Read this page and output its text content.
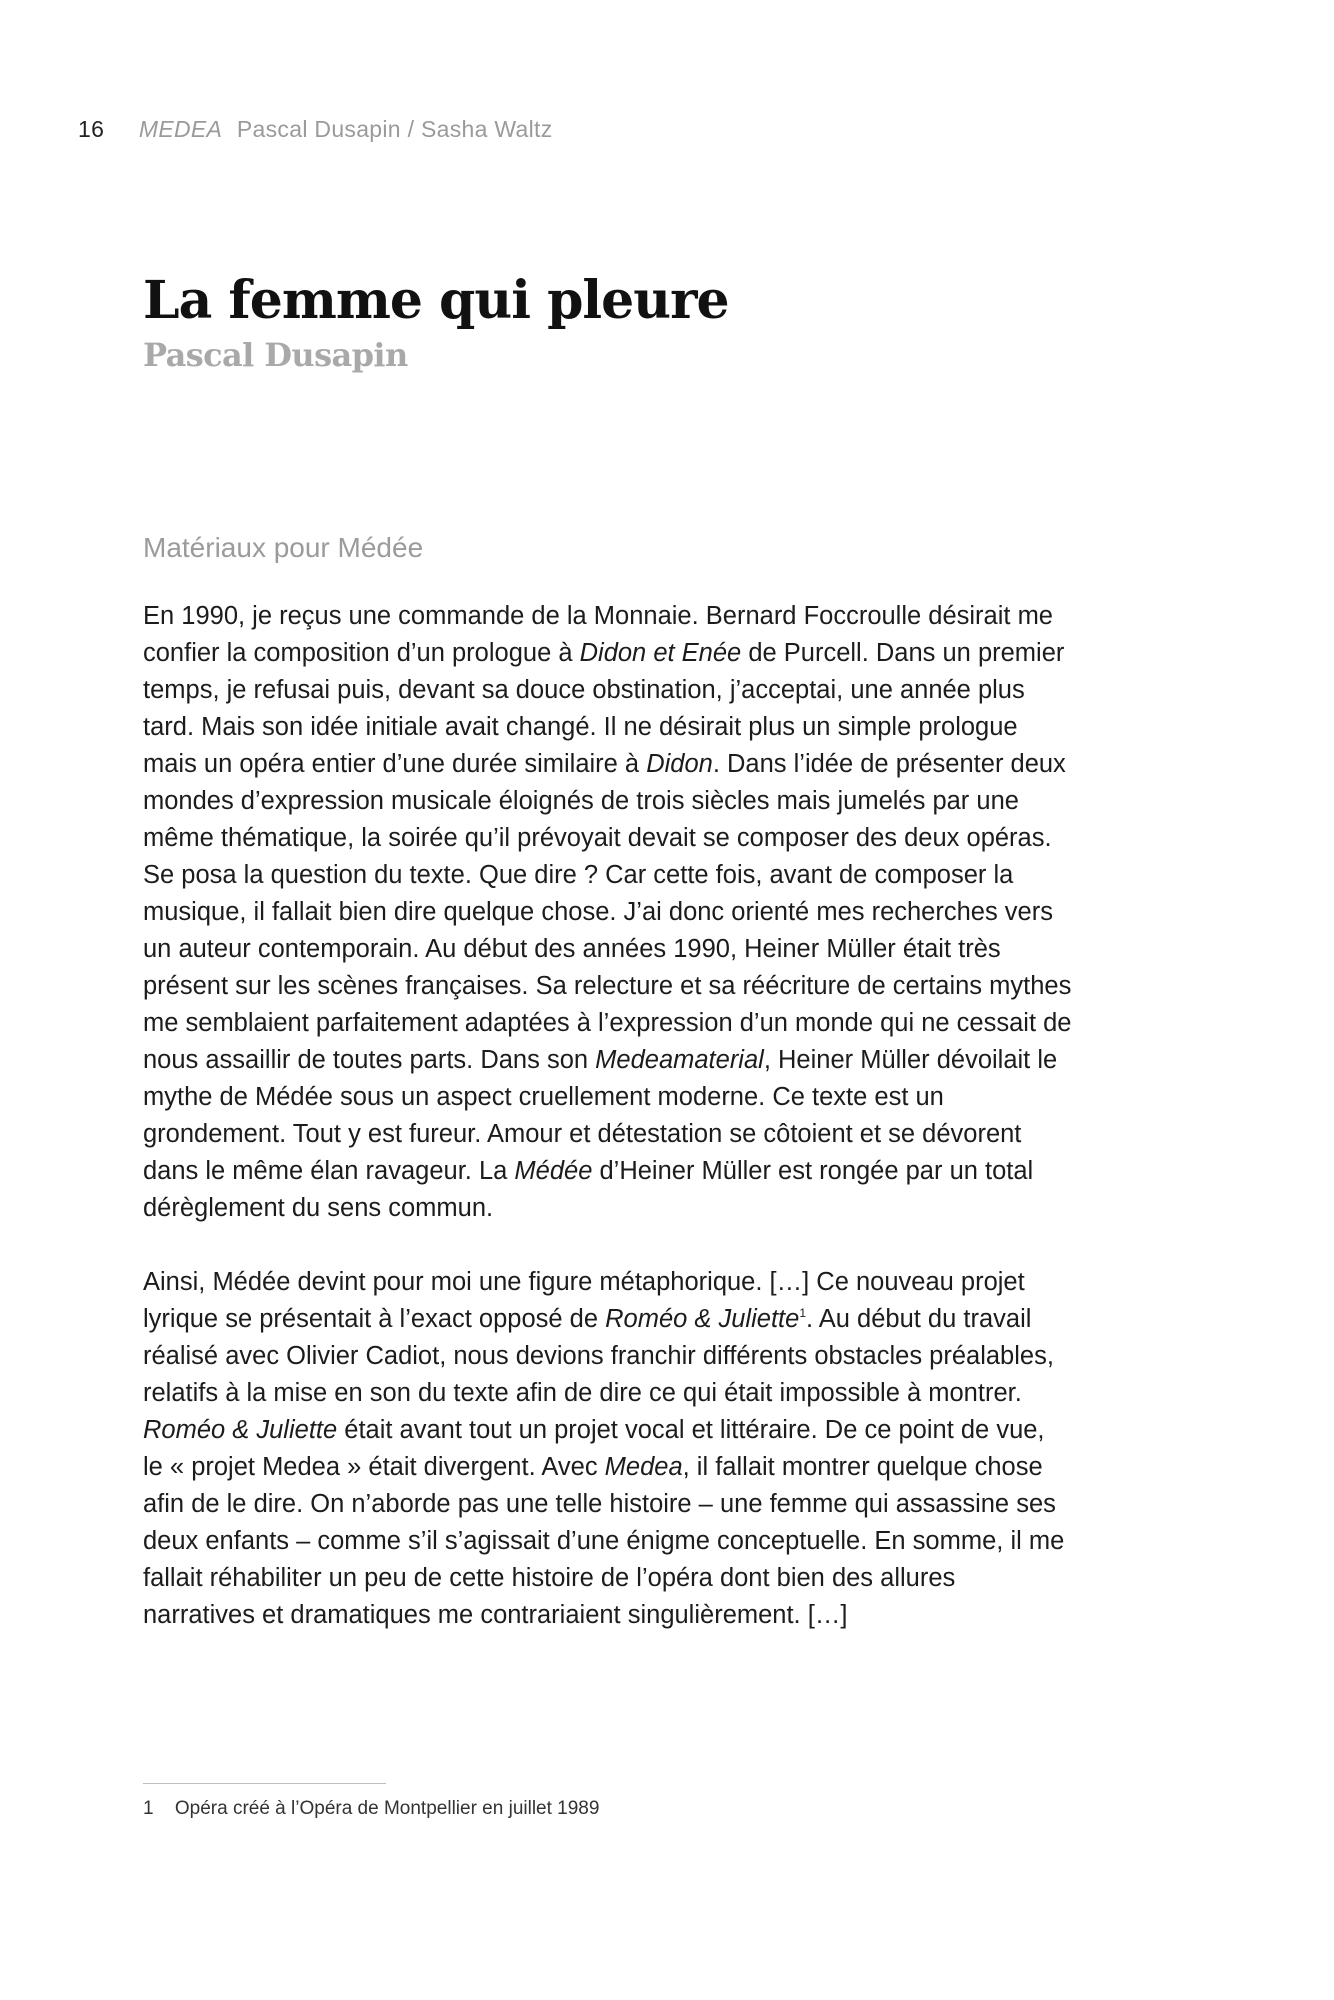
16 MEDEA Pascal Dusapin / Sasha Waltz
La femme qui pleure
Pascal Dusapin
Matériaux pour Médée
En 1990, je reçus une commande de la Monnaie. Bernard Foccroulle désirait me
confier la composition d’un prologue à Didon et Enée de Purcell. Dans un premier
temps, je refusai puis, devant sa douce obstination, j’acceptai, une année plus
tard. Mais son idée initiale avait changé. Il ne désirait plus un simple prologue
mais un opéra entier d’une durée similaire à Didon. Dans l’idée de présenter deux
mondes d’expression musicale éloignés de trois siècles mais jumelés par une
même thématique, la soirée qu’il prévoyait devait se composer des deux opéras.
Se posa la question du texte. Que dire ? Car cette fois, avant de composer la
musique, il fallait bien dire quelque chose. J’ai donc orienté mes recherches vers
un auteur contemporain. Au début des années 1990, Heiner Müller était très
présent sur les scènes françaises. Sa relecture et sa réécriture de certains mythes
me semblaient parfaitement adaptées à l’expression d’un monde qui ne cessait de
nous assaillir de toutes parts. Dans son Medeamaterial, Heiner Müller dévoilait le
mythe de Médée sous un aspect cruellement moderne. Ce texte est un
grondement. Tout y est fureur. Amour et détestation se côtoient et se dévorent
dans le même élan ravageur. La Médée d’Heiner Müller est rongée par un total
dérèglement du sens commun.
Ainsi, Médée devint pour moi une figure métaphorique. […] Ce nouveau projet
lyrique se présentait à l’exact opposé de Roméo & Juliette$^1$. Au début du travail
réalisé avec Olivier Cadiot, nous devions franchir différents obstacles préalables,
relatifs à la mise en son du texte afin de dire ce qui était impossible à montrer.
Roméo & Juliette était avant tout un projet vocal et littéraire. De ce point de vue,
le « projet Medea » était divergent. Avec Medea, il fallait montrer quelque chose
afin de le dire. On n’aborde pas une telle histoire – une femme qui assassine ses
deux enfants – comme s’il s’agissait d’une énigme conceptuelle. En somme, il me
fallait réhabiliter un peu de cette histoire de l’opéra dont bien des allures
narratives et dramatiques me contrariaient singulièrement. […]
1 Opéra créé à l’Opéra de Montpellier en juillet 1989
